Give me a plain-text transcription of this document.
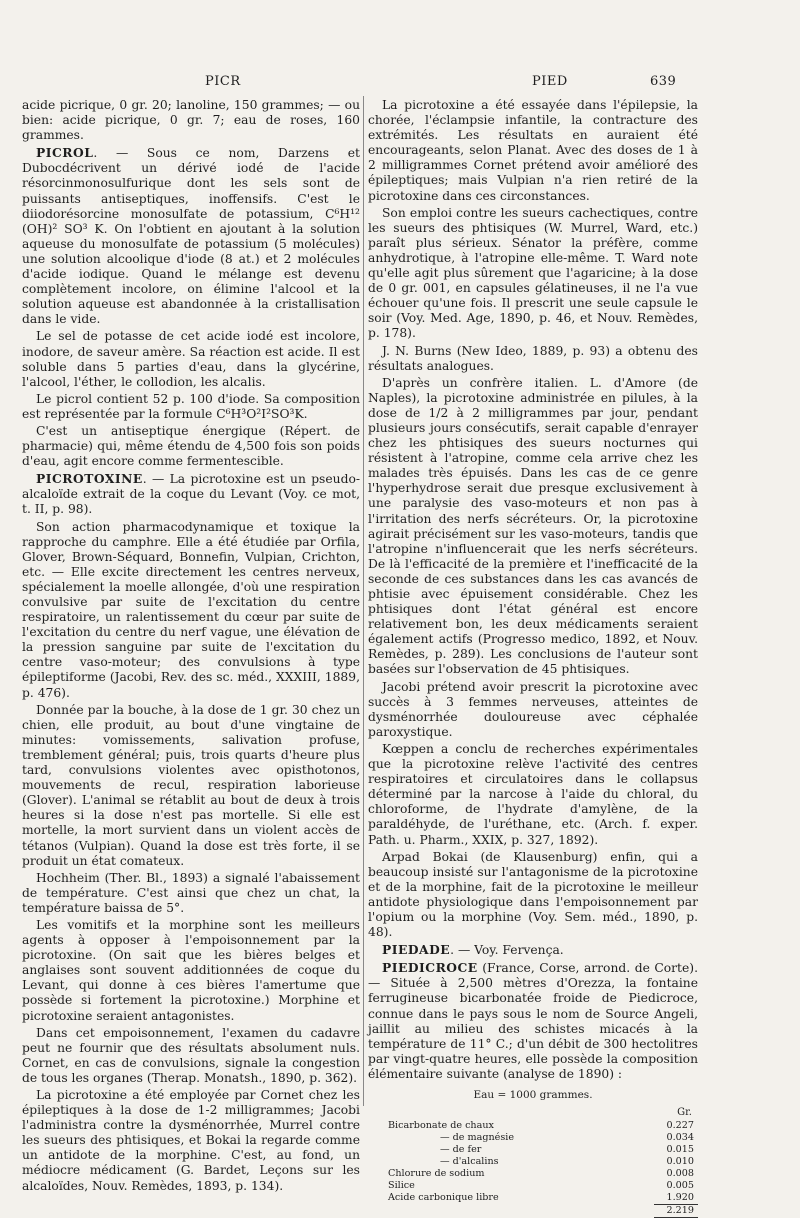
PICR	PIED	639

acide picrique, 0 gr. 20; lanoline, 150 grammes; — ou bien: acide picrique, 0 gr. 7; eau de roses, 160 grammes.

PICROL. — Sous ce nom, Darzens et Dubocdécrivent un dérivé iodé de l'acide résorcinmonosulfurique dont les sels sont de puissants antiseptiques, inoffensifs. C'est le diiodorésorcine monosulfate de potassium, C⁶H¹² (OH)² SO³ K. On l'obtient en ajoutant à la solution aqueuse du monosulfate de potassium (5 molécules) une solution alcoolique d'iode (8 at.) et 2 molécules d'acide iodique. Quand le mélange est devenu complètement incolore, on élimine l'alcool et la solution aqueuse est abandonnée à la cristallisation dans le vide.

Le sel de potasse de cet acide iodé est incolore, inodore, de saveur amère. Sa réaction est acide. Il est soluble dans 5 parties d'eau, dans la glycérine, l'alcool, l'éther, le collodion, les alcalis.

Le picrol contient 52 p. 100 d'iode. Sa composition est représentée par la formule C⁶H³O²I²SO³K.

C'est un antiseptique énergique (Répert. de pharmacie) qui, même étendu de 4,500 fois son poids d'eau, agit encore comme fermentescible.

PICROTOXINE. — La picrotoxine est un pseudo-alcaloïde extrait de la coque du Levant (Voy. ce mot, t. II, p. 98).

Son action pharmacodynamique et toxique la rapproche du camphre. Elle a été étudiée par Orfila, Glover, Brown-Séquard, Bonnefin, Vulpian, Crichton, etc. — Elle excite directement les centres nerveux, spécialement la moelle allongée, d'où une respiration convulsive par suite de l'excitation du centre respiratoire, un ralentissement du cœur par suite de l'excitation du centre du nerf vague, une élévation de la pression sanguine par suite de l'excitation du centre vaso-moteur; des convulsions à type épileptiforme (Jacobi, Rev. des sc. méd., XXXIII, 1889, p. 476).

Donnée par la bouche, à la dose de 1 gr. 30 chez un chien, elle produit, au bout d'une vingtaine de minutes: vomissements, salivation profuse, tremblement général; puis, trois quarts d'heure plus tard, convulsions violentes avec opisthotonos, mouvements de recul, respiration laborieuse (Glover). L'animal se rétablit au bout de deux à trois heures si la dose n'est pas mortelle. Si elle est mortelle, la mort survient dans un violent accès de tétanos (Vulpian). Quand la dose est très forte, il se produit un état comateux.

Hochheim (Ther. Bl., 1893) a signalé l'abaissement de température. C'est ainsi que chez un chat, la température baissa de 5°.

Les vomitifs et la morphine sont les meilleurs agents à opposer à l'empoisonnement par la picrotoxine. (On sait que les bières belges et anglaises sont souvent additionnées de coque du Levant, qui donne à ces bières l'amertume que possède si fortement la picrotoxine.) Morphine et picrotoxine seraient antagonistes.

Dans cet empoisonnement, l'examen du cadavre peut ne fournir que des résultats absolument nuls. Cornet, en cas de convulsions, signale la congestion de tous les organes (Therap. Monatsh., 1890, p. 362).

La picrotoxine a été employée par Cornet chez les épileptiques à la dose de 1-2 milligrammes; Jacobi l'administra contre la dysménorrhée, Murrel contre les sueurs des phtisiques, et Bokai la regarde comme un antidote de la morphine. C'est, au fond, un médiocre médicament (G. Bardet, Leçons sur les alcaloïdes, Nouv. Remèdes, 1893, p. 134).

La picrotoxine a été essayée dans l'épilepsie, la chorée, l'éclampsie infantile, la contracture des extrémités. Les résultats en auraient été encourageants, selon Planat. Avec des doses de 1 à 2 milligrammes Cornet prétend avoir amélioré des épileptiques; mais Vulpian n'a rien retiré de la picrotoxine dans ces circonstances.

Son emploi contre les sueurs cachectiques, contre les sueurs des phtisiques (W. Murrel, Ward, etc.) paraît plus sérieux. Sénator la préfère, comme anhydrotique, à l'atropine elle-même. T. Ward note qu'elle agit plus sûrement que l'agaricine; à la dose de 0 gr. 001, en capsules gélatineuses, il ne l'a vue échouer qu'une fois. Il prescrit une seule capsule le soir (Voy. Med. Age, 1890, p. 46, et Nouv. Remèdes, p. 178).

J. N. Burns (New Ideo, 1889, p. 93) a obtenu des résultats analogues.

D'après un confrère italien. L. d'Amore (de Naples), la picrotoxine administrée en pilules, à la dose de 1/2 à 2 milligrammes par jour, pendant plusieurs jours consécutifs, serait capable d'enrayer chez les phtisiques des sueurs nocturnes qui résistent à l'atropine, comme cela arrive chez les malades très épuisés. Dans les cas de ce genre l'hyperhydrose serait due presque exclusivement à une paralysie des vaso-moteurs et non pas à l'irritation des nerfs sécréteurs. Or, la picrotoxine agirait précisément sur les vaso-moteurs, tandis que l'atropine n'influencerait que les nerfs sécréteurs. De là l'efficacité de la première et l'inefficacité de la seconde de ces substances dans les cas avancés de phtisie avec épuisement considérable. Chez les phtisiques dont l'état général est encore relativement bon, les deux médicaments seraient également actifs (Progresso medico, 1892, et Nouv. Remèdes, p. 289). Les conclusions de l'auteur sont basées sur l'observation de 45 phtisiques.

Jacobi prétend avoir prescrit la picrotoxine avec succès à 3 femmes nerveuses, atteintes de dysménorrhée douloureuse avec céphalée paroxystique.

Kœppen a conclu de recherches expérimentales que la picrotoxine relève l'activité des centres respiratoires et circulatoires dans le collapsus déterminé par la narcose à l'aide du chloral, du chloroforme, de l'hydrate d'amylène, de la paraldéhyde, de l'uréthane, etc. (Arch. f. exper. Path. u. Pharm., XXIX, p. 327, 1892).

Arpad Bokai (de Klausenburg) enfin, qui a beaucoup insisté sur l'antagonisme de la picrotoxine et de la morphine, fait de la picrotoxine le meilleur antidote physiologique dans l'empoisonnement par l'opium ou la morphine (Voy. Sem. méd., 1890, p. 48).

PIEDADE. — Voy. Fervença.

PIEDICROCE (France, Corse, arrond. de Corte). — Située à 2,500 mètres d'Orezza, la fontaine ferrugineuse bicarbonatée froide de Piedicroce, connue dans le pays sous le nom de Source Angeli, jaillit au milieu des schistes micacés à la température de 11° C.; d'un débit de 300 hectolitres par vingt-quatre heures, elle possède la composition élémentaire suivante (analyse de 1890) :

Eau = 1000 grammes.
Gr.
Bicarbonate de chaux	0.227
— de magnésie	0.034
— de fer	0.015
— d'alcalins	0.010
Chlorure de sodium	0.008
Silice	0.005
Acide carbonique libre	1.920
	2.219
